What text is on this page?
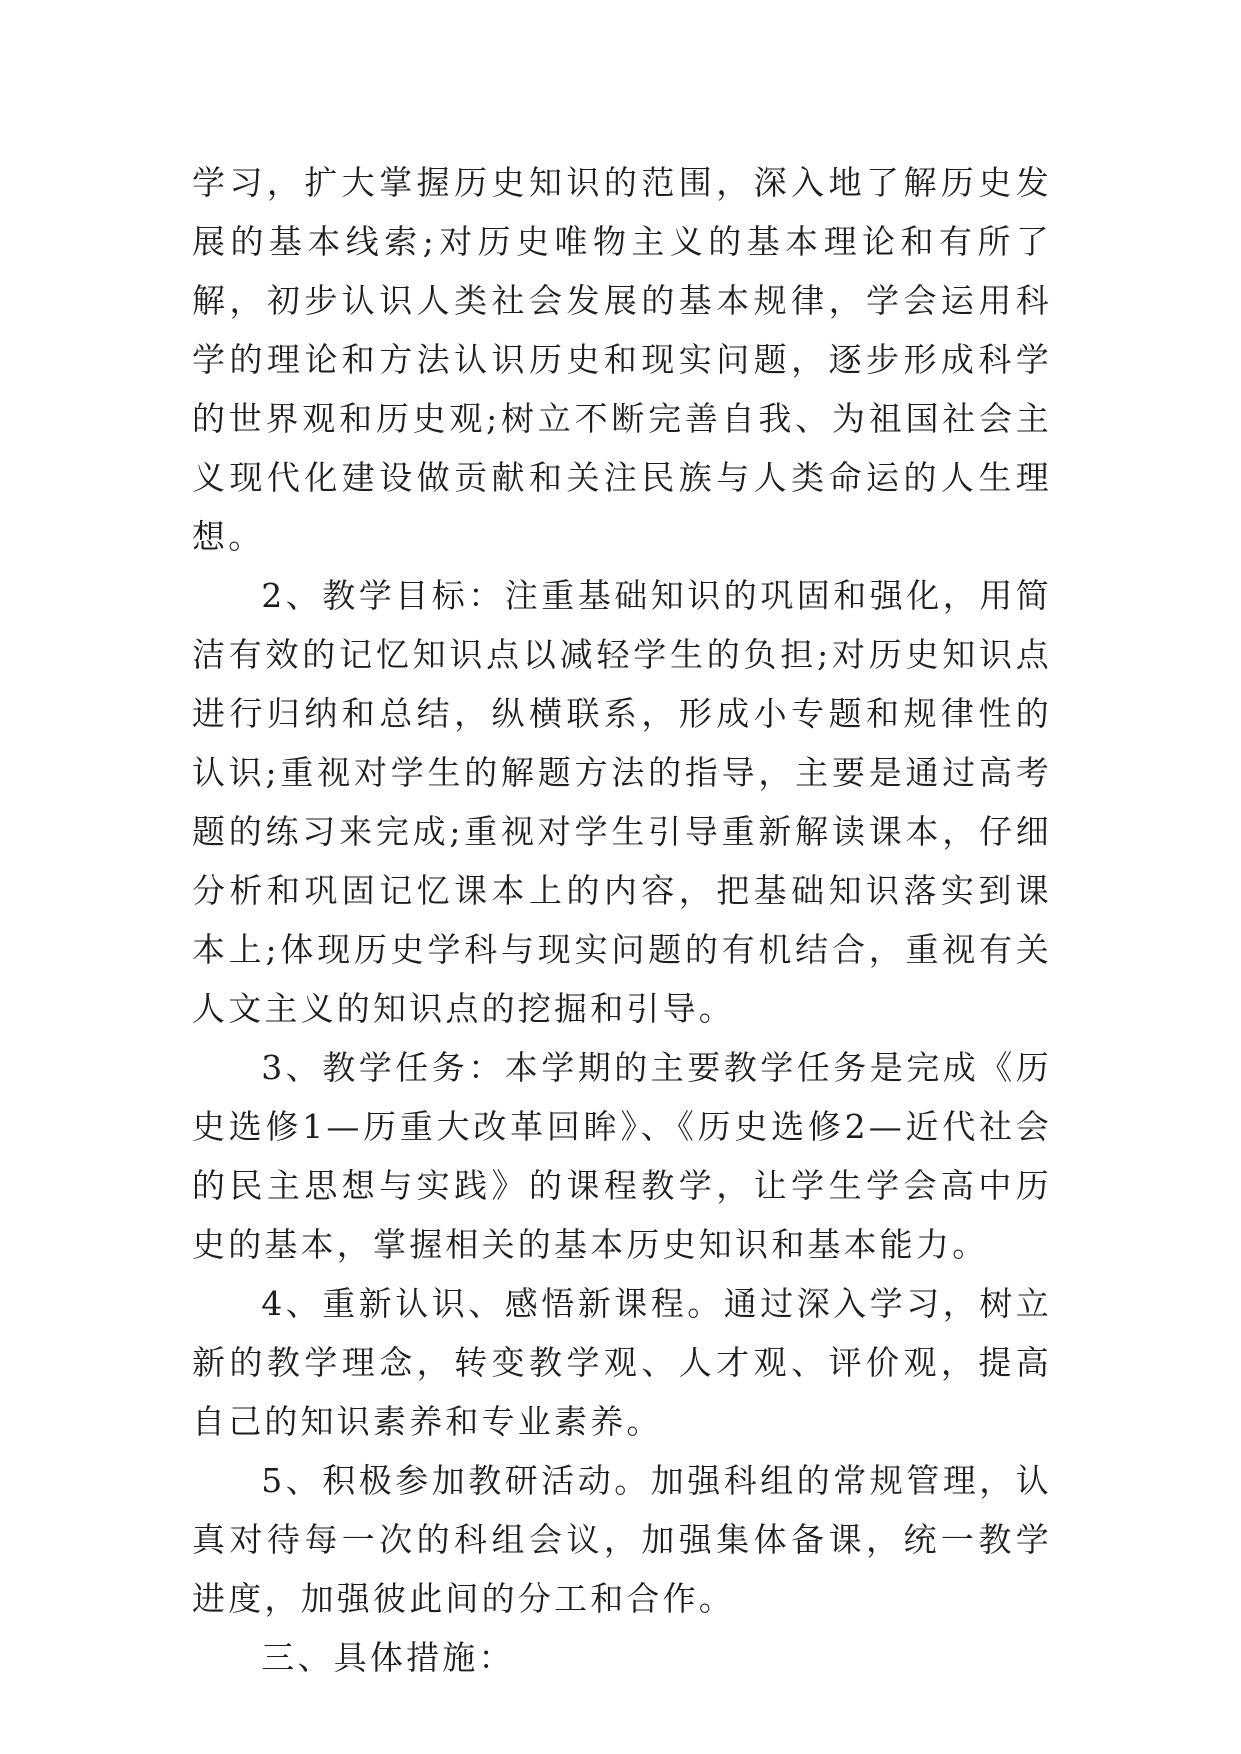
学习，扩大掌握历史知识的范围，深入地了解历史发展的基本线索;对历史唯物主义的基本理论和有所了解，初步认识人类社会发展的基本规律，学会运用科学的理论和方法认识历史和现实问题，逐步形成科学的世界观和历史观;树立不断完善自我、为祖国社会主义现代化建设做贡献和关注民族与人类命运的人生理想。

2、教学目标：注重基础知识的巩固和强化，用简洁有效的记忆知识点以减轻学生的负担;对历史知识点进行归纳和总结，纵横联系，形成小专题和规律性的认识;重视对学生的解题方法的指导，主要是通过高考题的练习来完成;重视对学生引导重新解读课本，仔细分析和巩固记忆课本上的内容，把基础知识落实到课本上;体现历史学科与现实问题的有机结合，重视有关人文主义的知识点的挖掘和引导。

3、教学任务：本学期的主要教学任务是完成《历史选修1—历重大改革回眸》、《历史选修2—近代社会的民主思想与实践》的课程教学，让学生学会高中历史的基本，掌握相关的基本历史知识和基本能力。

4、重新认识、感悟新课程。通过深入学习，树立新的教学理念，转变教学观、人才观、评价观，提高自己的知识素养和专业素养。

5、积极参加教研活动。加强科组的常规管理，认真对待每一次的科组会议，加强集体备课，统一教学进度，加强彼此间的分工和合作。

三、具体措施：
